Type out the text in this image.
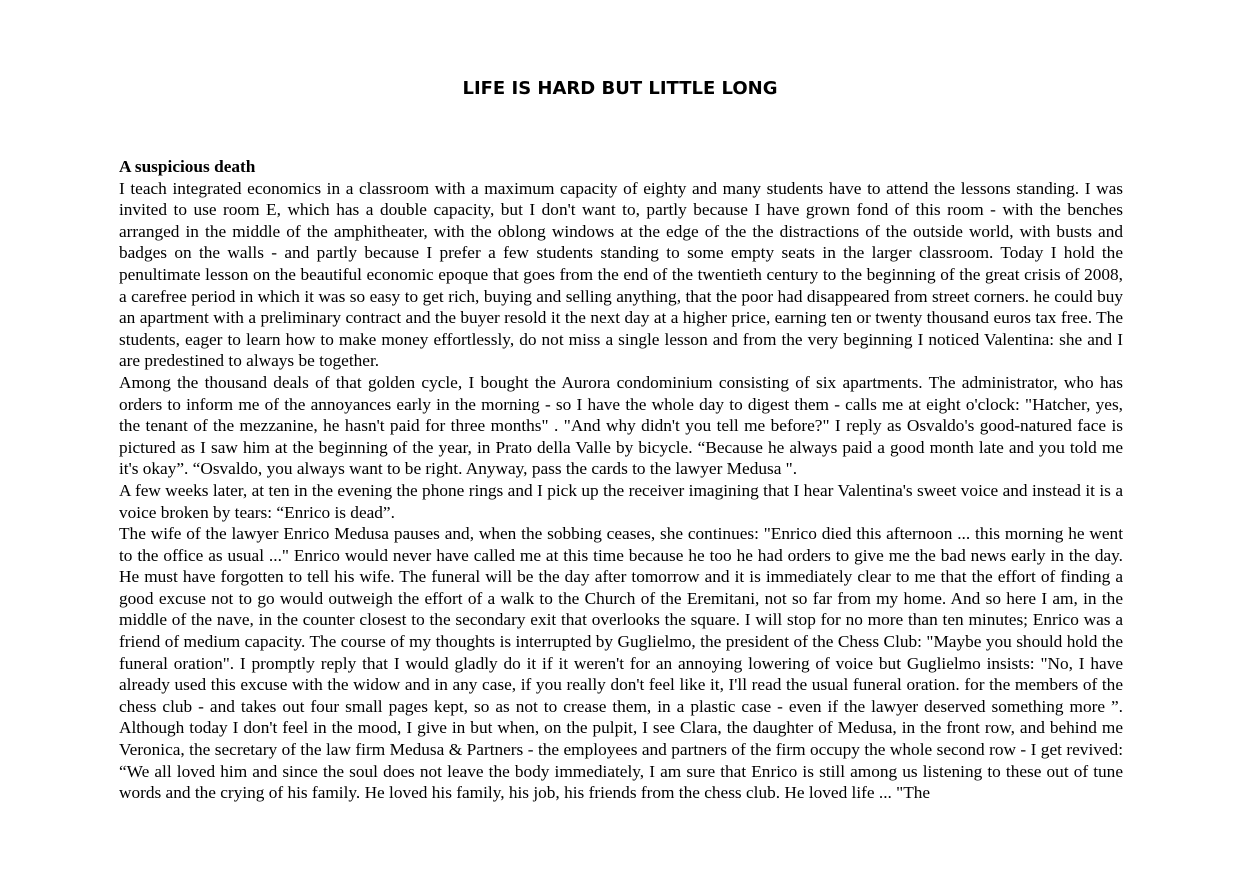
LIFE IS HARD BUT LITTLE LONG

A suspicious death

I teach integrated economics in a classroom with a maximum capacity of eighty and many students have to attend the lessons standing. I was invited to use room E, which has a double capacity, but I don't want to, partly because I have grown fond of this room - with the benches arranged in the middle of the amphitheater, with the oblong windows at the edge of the the distractions of the outside world, with busts and badges on the walls - and partly because I prefer a few students standing to some empty seats in the larger classroom. Today I hold the penultimate lesson on the beautiful economic epoque that goes from the end of the twentieth century to the beginning of the great crisis of 2008, a carefree period in which it was so easy to get rich, buying and selling anything, that the poor had disappeared from street corners. he could buy an apartment with a preliminary contract and the buyer resold it the next day at a higher price, earning ten or twenty thousand euros tax free. The students, eager to learn how to make money effortlessly, do not miss a single lesson and from the very beginning I noticed Valentina: she and I are predestined to always be together.

Among the thousand deals of that golden cycle, I bought the Aurora condominium consisting of six apartments. The administrator, who has orders to inform me of the annoyances early in the morning - so I have the whole day to digest them - calls me at eight o'clock: "Hatcher, yes, the tenant of the mezzanine, he hasn't paid for three months" . "And why didn't you tell me before?" I reply as Osvaldo's good-natured face is pictured as I saw him at the beginning of the year, in Prato della Valle by bicycle. “Because he always paid a good month late and you told me it's okay”. “Osvaldo, you always want to be right. Anyway, pass the cards to the lawyer Medusa ".

A few weeks later, at ten in the evening the phone rings and I pick up the receiver imagining that I hear Valentina's sweet voice and instead it is a voice broken by tears: “Enrico is dead”.

The wife of the lawyer Enrico Medusa pauses and, when the sobbing ceases, she continues: "Enrico died this afternoon ... this morning he went to the office as usual ..." Enrico would never have called me at this time because he too he had orders to give me the bad news early in the day. He must have forgotten to tell his wife. The funeral will be the day after tomorrow and it is immediately clear to me that the effort of finding a good excuse not to go would outweigh the effort of a walk to the Church of the Eremitani, not so far from my home. And so here I am, in the middle of the nave, in the counter closest to the secondary exit that overlooks the square. I will stop for no more than ten minutes; Enrico was a friend of medium capacity. The course of my thoughts is interrupted by Guglielmo, the president of the Chess Club: "Maybe you should hold the funeral oration". I promptly reply that I would gladly do it if it weren't for an annoying lowering of voice but Guglielmo insists: "No, I have already used this excuse with the widow and in any case, if you really don't feel like it, I'll read the usual funeral oration. for the members of the chess club - and takes out four small pages kept, so as not to crease them, in a plastic case - even if the lawyer deserved something more ”. Although today I don't feel in the mood, I give in but when, on the pulpit, I see Clara, the daughter of Medusa, in the front row, and behind me Veronica, the secretary of the law firm Medusa & Partners - the employees and partners of the firm occupy the whole second row - I get revived: “We all loved him and since the soul does not leave the body immediately, I am sure that Enrico is still among us listening to these out of tune words and the crying of his family. He loved his family, his job, his friends from the chess club. He loved life ... "The
